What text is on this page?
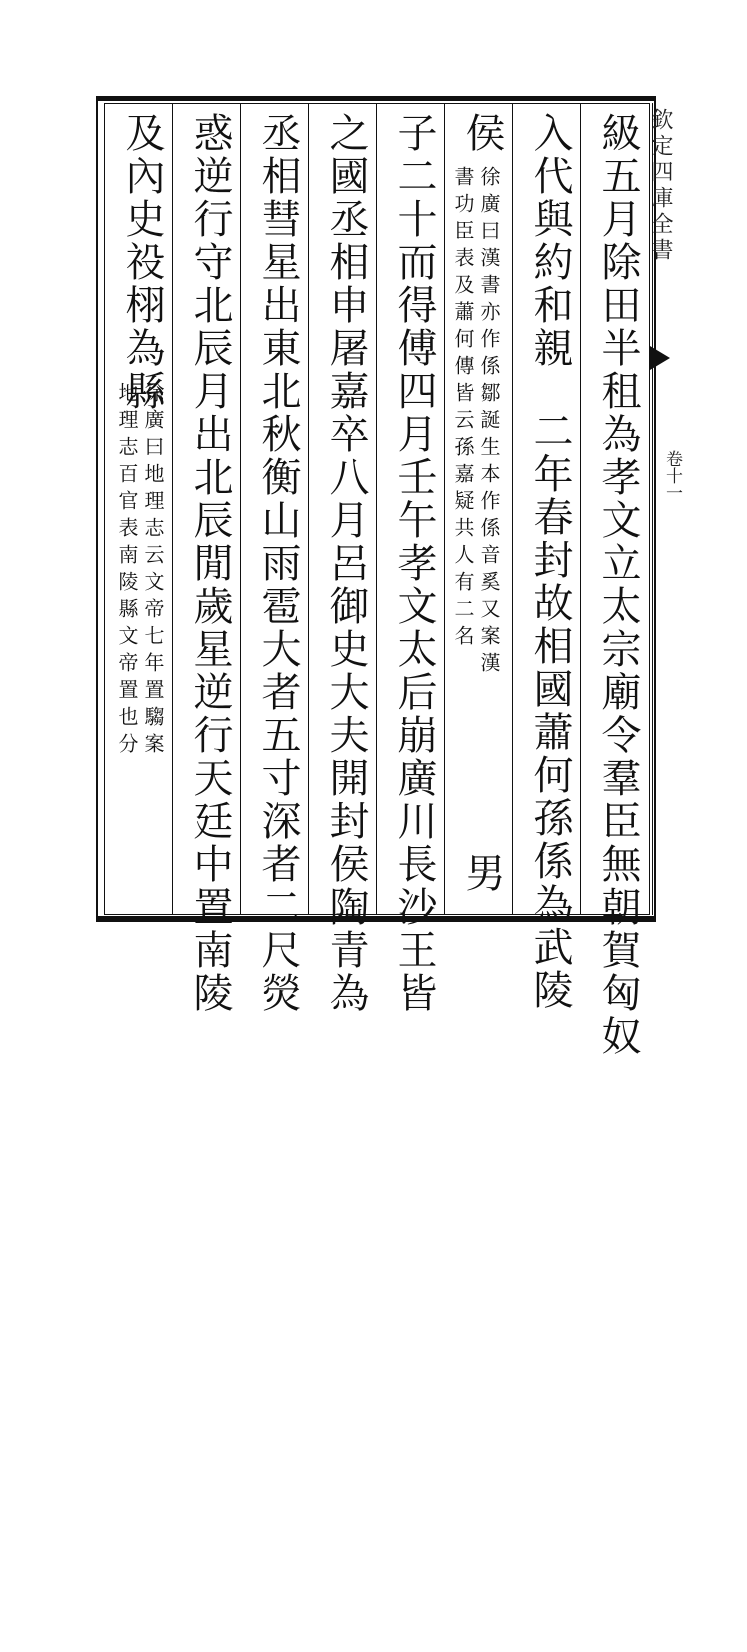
欽定四庫全書
卷十一
級五月除田半租為孝文立太宗廟令羣臣無朝賀匈奴
入代與約和親二年春封故相國蕭何孫係為武陵
侯
徐廣曰漢書亦作係鄒誕生本作係音奚又案漢
書功臣表及蕭何傳皆云孫嘉疑共人有二名
男
子二十而得傅四月壬午孝文太后崩廣川長沙王皆
之國丞相申屠嘉卒八月呂御史大夫開封侯陶青為
丞相彗星出東北秋衡山雨雹大者五寸深者二尺熒
惑逆行守北辰月出北辰閒歲星逆行天廷中置南陵
及內史祋栩為縣
徐廣曰地理志云文帝七年置騶案
地理志百官表南陵縣文帝置也分
